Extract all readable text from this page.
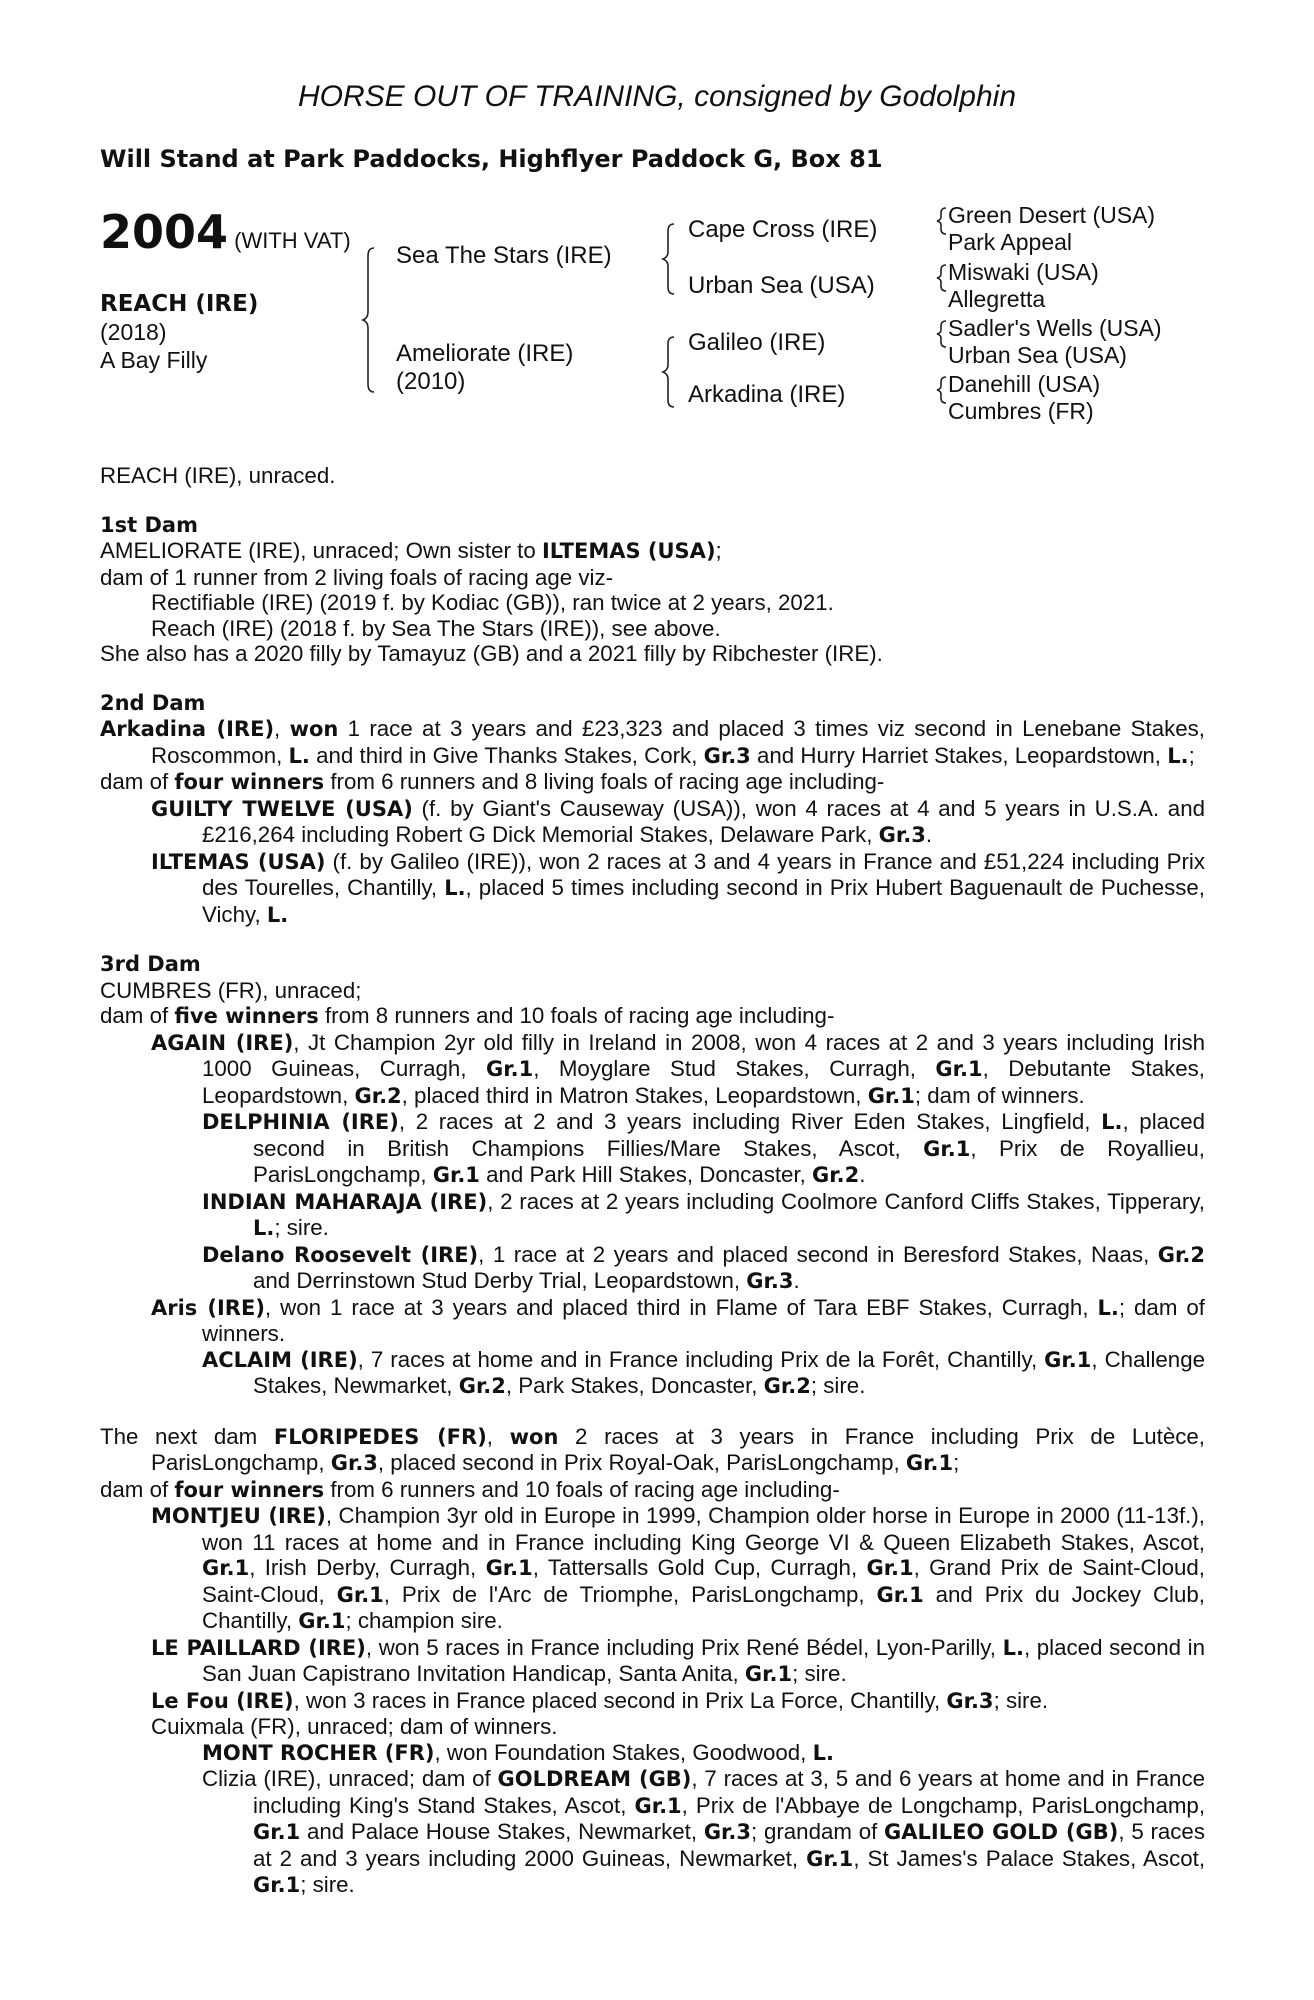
HORSE OUT OF TRAINING, consigned by Godolphin
Will Stand at Park Paddocks, Highflyer Paddock G, Box 81
2004 (WITH VAT)
REACH (IRE)
(2018)
A Bay Filly
Sea The Stars (IRE)
Ameliorate (IRE)
(2010)
Cape Cross (IRE)
Urban Sea (USA)
Galileo (IRE)
Arkadina (IRE)
Green Desert (USA)
Park Appeal
Miswaki (USA)
Allegretta
Sadler's Wells (USA)
Urban Sea (USA)
Danehill (USA)
Cumbres (FR)

REACH (IRE), unraced.

1st Dam

AMELIORATE (IRE), unraced; Own sister to ILTEMAS (USA);

dam of 1 runner from 2 living foals of racing age viz-

Rectifiable (IRE) (2019 f. by Kodiac (GB)), ran twice at 2 years, 2021.

Reach (IRE) (2018 f. by Sea The Stars (IRE)), see above.

She also has a 2020 filly by Tamayuz (GB) and a 2021 filly by Ribchester (IRE).

2nd Dam

Arkadina (IRE), won 1 race at 3 years and £23,323 and placed 3 times viz second in Lenebane Stakes, Roscommon, L. and third in Give Thanks Stakes, Cork, Gr.3 and Hurry Harriet Stakes, Leopardstown, L.;

dam of four winners from 6 runners and 8 living foals of racing age including-

GUILTY TWELVE (USA) (f. by Giant's Causeway (USA)), won 4 races at 4 and 5 years in U.S.A. and £216,264 including Robert G Dick Memorial Stakes, Delaware Park, Gr.3.

ILTEMAS (USA) (f. by Galileo (IRE)), won 2 races at 3 and 4 years in France and £51,224 including Prix des Tourelles, Chantilly, L., placed 5 times including second in Prix Hubert Baguenault de Puchesse, Vichy, L.

3rd Dam

CUMBRES (FR), unraced;

dam of five winners from 8 runners and 10 foals of racing age including-

AGAIN (IRE), Jt Champion 2yr old filly in Ireland in 2008, won 4 races at 2 and 3 years including Irish 1000 Guineas, Curragh, Gr.1, Moyglare Stud Stakes, Curragh, Gr.1, Debutante Stakes, Leopardstown, Gr.2, placed third in Matron Stakes, Leopardstown, Gr.1; dam of winners.

DELPHINIA (IRE), 2 races at 2 and 3 years including River Eden Stakes, Lingfield, L., placed second in British Champions Fillies/Mare Stakes, Ascot, Gr.1, Prix de Royallieu, ParisLongchamp, Gr.1 and Park Hill Stakes, Doncaster, Gr.2.

INDIAN MAHARAJA (IRE), 2 races at 2 years including Coolmore Canford Cliffs Stakes, Tipperary, L.; sire.

Delano Roosevelt (IRE), 1 race at 2 years and placed second in Beresford Stakes, Naas, Gr.2 and Derrinstown Stud Derby Trial, Leopardstown, Gr.3.

Aris (IRE), won 1 race at 3 years and placed third in Flame of Tara EBF Stakes, Curragh, L.; dam of winners.

ACLAIM (IRE), 7 races at home and in France including Prix de la Forêt, Chantilly, Gr.1, Challenge Stakes, Newmarket, Gr.2, Park Stakes, Doncaster, Gr.2; sire.

The next dam FLORIPEDES (FR), won 2 races at 3 years in France including Prix de Lutèce, ParisLongchamp, Gr.3, placed second in Prix Royal-Oak, ParisLongchamp, Gr.1;

dam of four winners from 6 runners and 10 foals of racing age including-

MONTJEU (IRE), Champion 3yr old in Europe in 1999, Champion older horse in Europe in 2000 (11-13f.), won 11 races at home and in France including King George VI & Queen Elizabeth Stakes, Ascot, Gr.1, Irish Derby, Curragh, Gr.1, Tattersalls Gold Cup, Curragh, Gr.1, Grand Prix de Saint-Cloud, Saint-Cloud, Gr.1, Prix de l'Arc de Triomphe, ParisLongchamp, Gr.1 and Prix du Jockey Club, Chantilly, Gr.1; champion sire.

LE PAILLARD (IRE), won 5 races in France including Prix René Bédel, Lyon-Parilly, L., placed second in San Juan Capistrano Invitation Handicap, Santa Anita, Gr.1; sire.

Le Fou (IRE), won 3 races in France placed second in Prix La Force, Chantilly, Gr.3; sire.

Cuixmala (FR), unraced; dam of winners.

MONT ROCHER (FR), won Foundation Stakes, Goodwood, L.

Clizia (IRE), unraced; dam of GOLDREAM (GB), 7 races at 3, 5 and 6 years at home and in France including King's Stand Stakes, Ascot, Gr.1, Prix de l'Abbaye de Longchamp, ParisLongchamp, Gr.1 and Palace House Stakes, Newmarket, Gr.3; grandam of GALILEO GOLD (GB), 5 races at 2 and 3 years including 2000 Guineas, Newmarket, Gr.1, St James's Palace Stakes, Ascot, Gr.1; sire.
